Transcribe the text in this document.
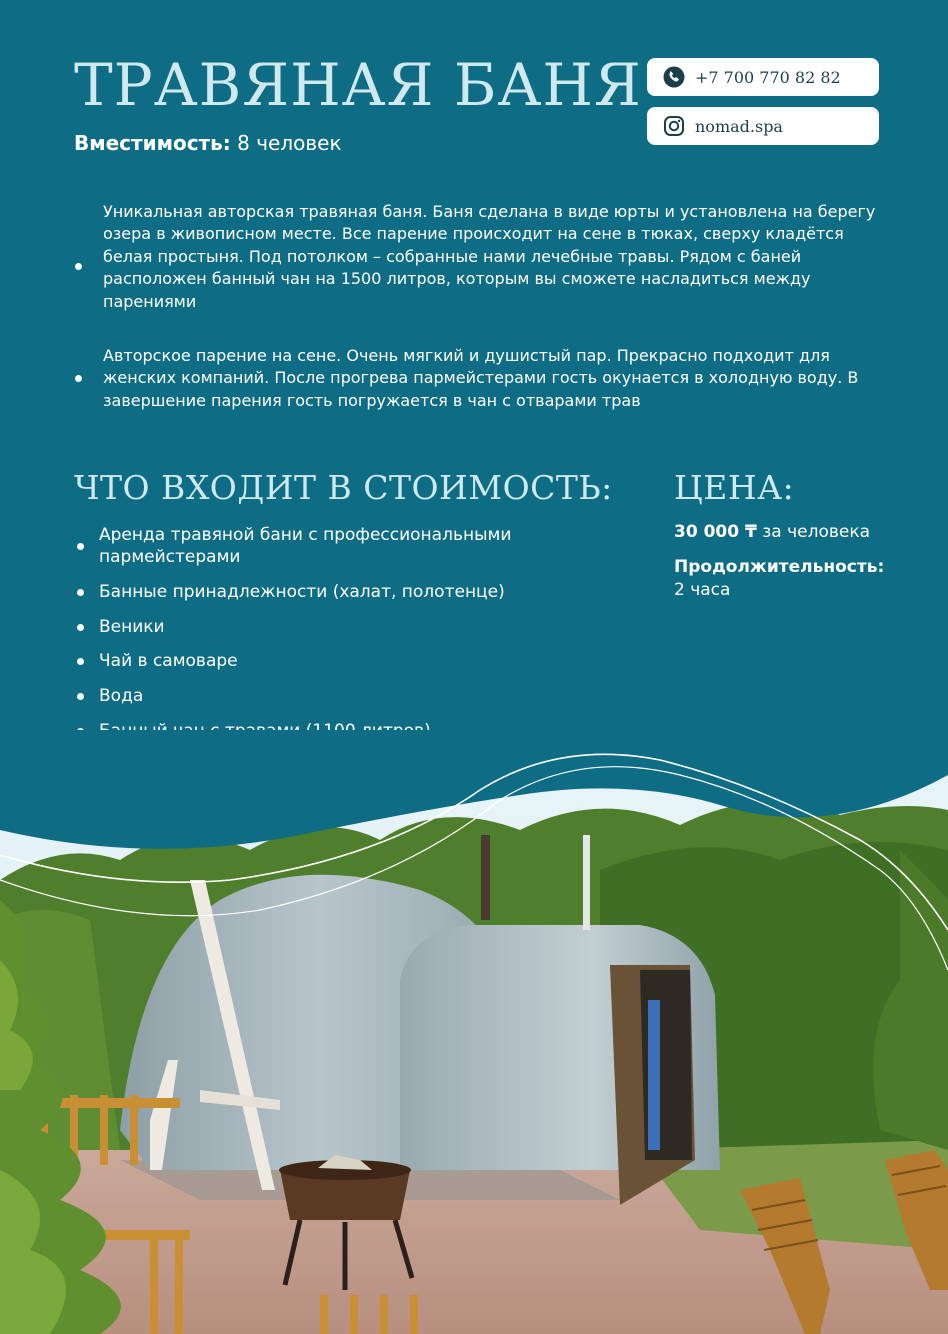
ТРАВЯНАЯ БАНЯ
Вместимость: 8 человек
+7 700 770 82 82
nomad.spa

Уникальная авторская травяная баня. Баня сделана в виде юрты и установлена на берегу озера в живописном месте. Все парение происходит на сене в тюках, сверху кладётся белая простыня. Под потолком – собранные нами лечебные травы. Рядом с баней расположен банный чан на 1500 литров, которым вы сможете насладиться между парениями

Авторское парение на сене. Очень мягкий и душистый пар. Прекрасно подходит для женских компаний. После прогрева пармейстерами гость окунается в холодную воду. В завершение парения гость погружается в чан с отварами трав

ЧТО ВХОДИТ В СТОИМОСТЬ:
Аренда травяной бани с профессиональными пармейстерами
Банные принадлежности (халат, полотенце)
Веники
Чай в самоваре
Вода
ЦЕНА:
30 000 ₸ за человека
Продолжительность:
2 часа
